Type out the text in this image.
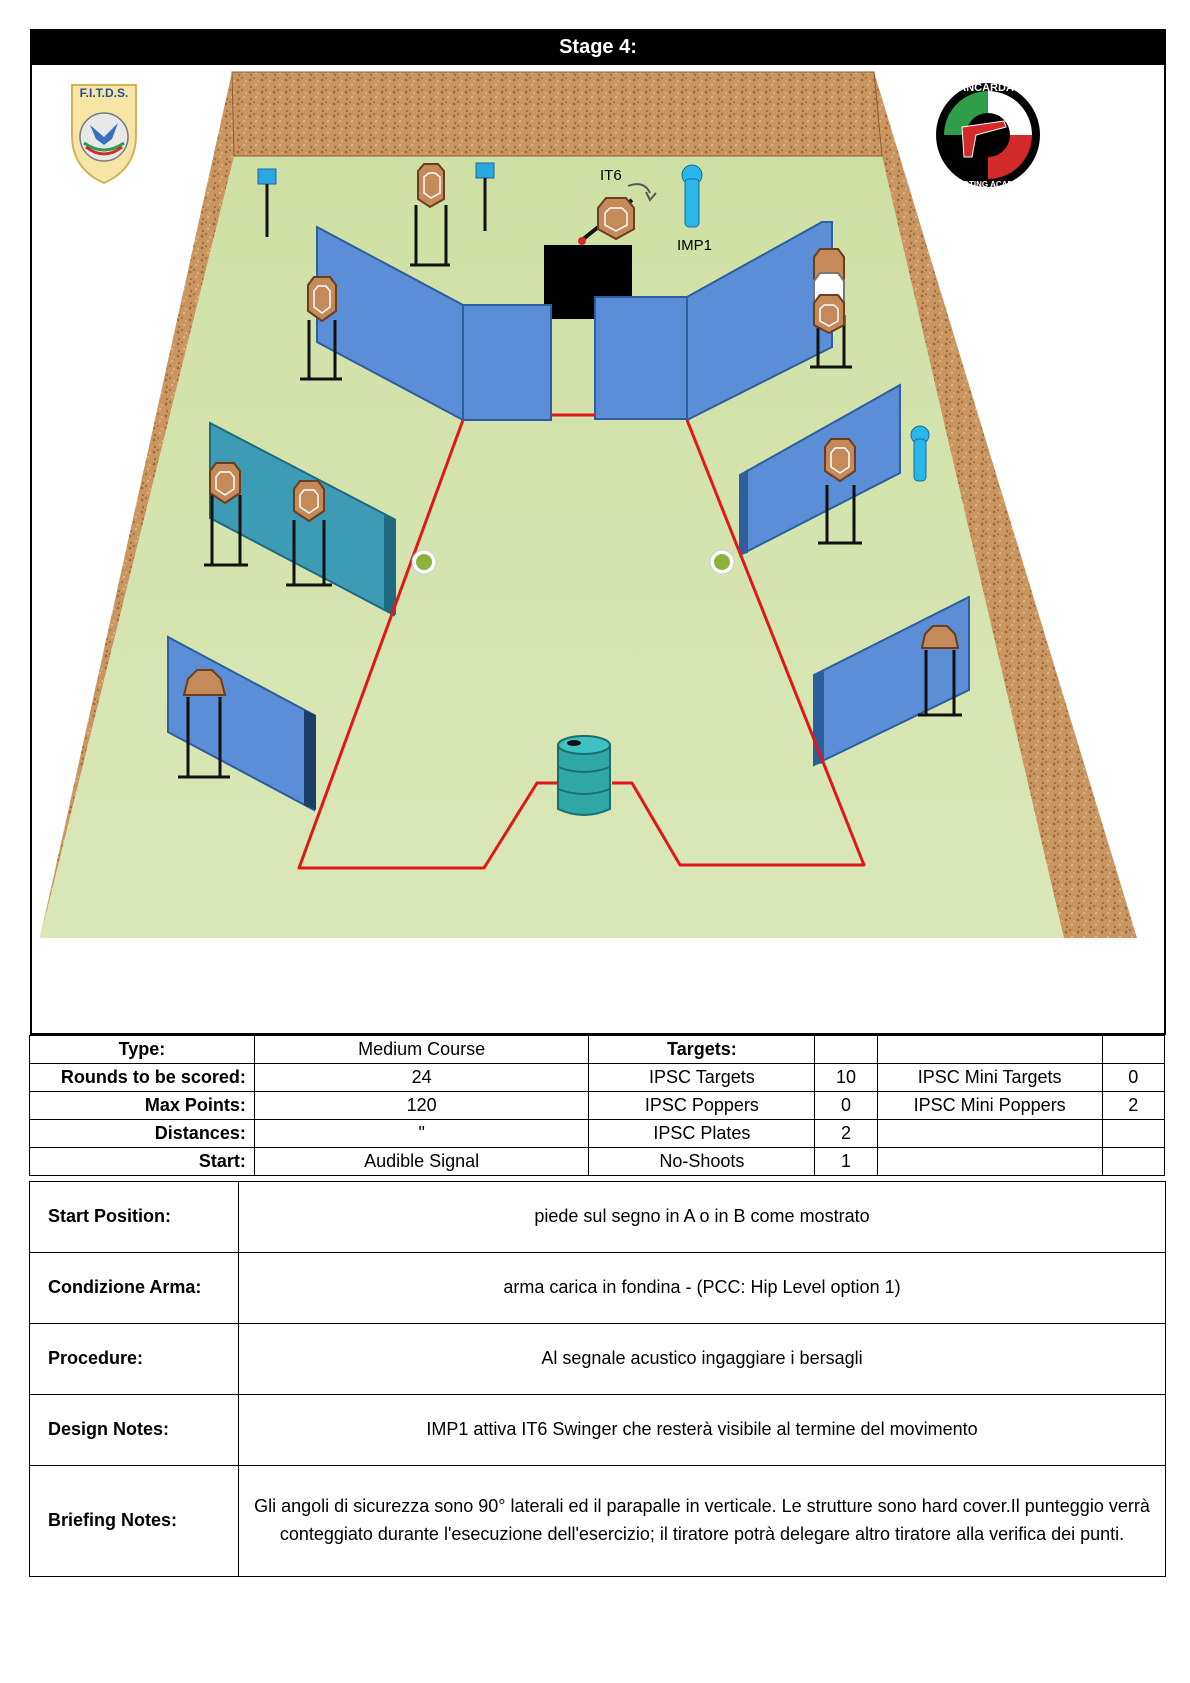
Stage 4:
F.I.T.D.S.	PIANCARDATO
SHOOTING ACADEMY
IT6
IMP1
Type:	Medium Course	Targets:			
Rounds to be scored:	24	IPSC Targets	10	IPSC Mini Targets	0
Max Points:	120	IPSC Poppers	0	IPSC Mini Poppers	2
Distances:	"	IPSC Plates	2		
Start:	Audible Signal	No-Shoots	1		
Start Position:	piede sul segno in A o in B come mostrato
Condizione Arma:	arma carica in fondina - (PCC: Hip Level option 1)
Procedure:	Al segnale acustico ingaggiare i bersagli
Design Notes:	IMP1 attiva IT6 Swinger che resterà visibile al termine del movimento
Briefing Notes:	Gli angoli di sicurezza sono 90° laterali ed il parapalle in verticale. Le strutture sono hard cover.Il punteggio verrà conteggiato durante l'esecuzione dell'esercizio; il tiratore potrà delegare altro tiratore alla verifica dei punti.
